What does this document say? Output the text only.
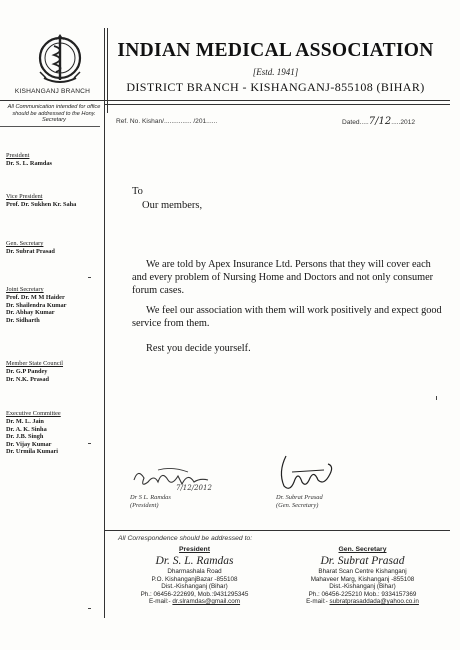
KISHANGANJ BRANCH
INDIAN MEDICAL ASSOCIATION
[Estd. 1941]
DISTRICT BRANCH - KISHANGANJ-855108 (BIHAR)
All Communication intended for office should be addressed to the Hony. Secretary
President
Dr. S. L. Ramdas
Vice President
Prof. Dr. Sukhen Kr. Saha
Gen. Secretary
Dr. Subrat Prasad
Joint Secretary
Prof. Dr. M M Haider
Dr. Shailendra Kumar
Dr. Abhay Kumar
Dr. Sidharth
Member State Council
Dr. G.P Pandey
Dr. N.K. Prasad
Executive Committee
Dr. M. L. Jain
Dr. A. K. Sinha
Dr. J.B. Singh
Dr. Vijay Kumar
Dr. Urmila Kumari
Ref. No. Kishan/............... /201......	Dated.....7/12.....2012
To
Our members,
We are told by Apex Insurance Ltd. Persons that they will cover each and every problem of Nursing Home and Doctors and not only consumer forum cases.
We feel our association with them will work positively and expect good service from them.
Rest you decide yourself.
7/12/2012
Dr S L. Ramdas
(President)
Dr. Subrat Prasad
(Gen. Secretary)
All Correspondence should be addressed to:
President
Dr. S. L. Ramdas
Dharmashala Road
P.O. KishanganjBazar -855108
Dist.-Kishanganj (Bihar)
Ph.: 06456-222699, Mob.:9431295345
E-mail:- dr.slramdas@gmail.com
Gen. Secretary
Dr. Subrat Prasad
Bharat Scan Centre Kishanganj
Mahaveer Marg, Kishanganj -855108
Dist.-Kishanganj (Bihar)
Ph.: 06456-225210 Mob.: 9334157369
E-mail:- subratprasaddada@yahoo.co.in
